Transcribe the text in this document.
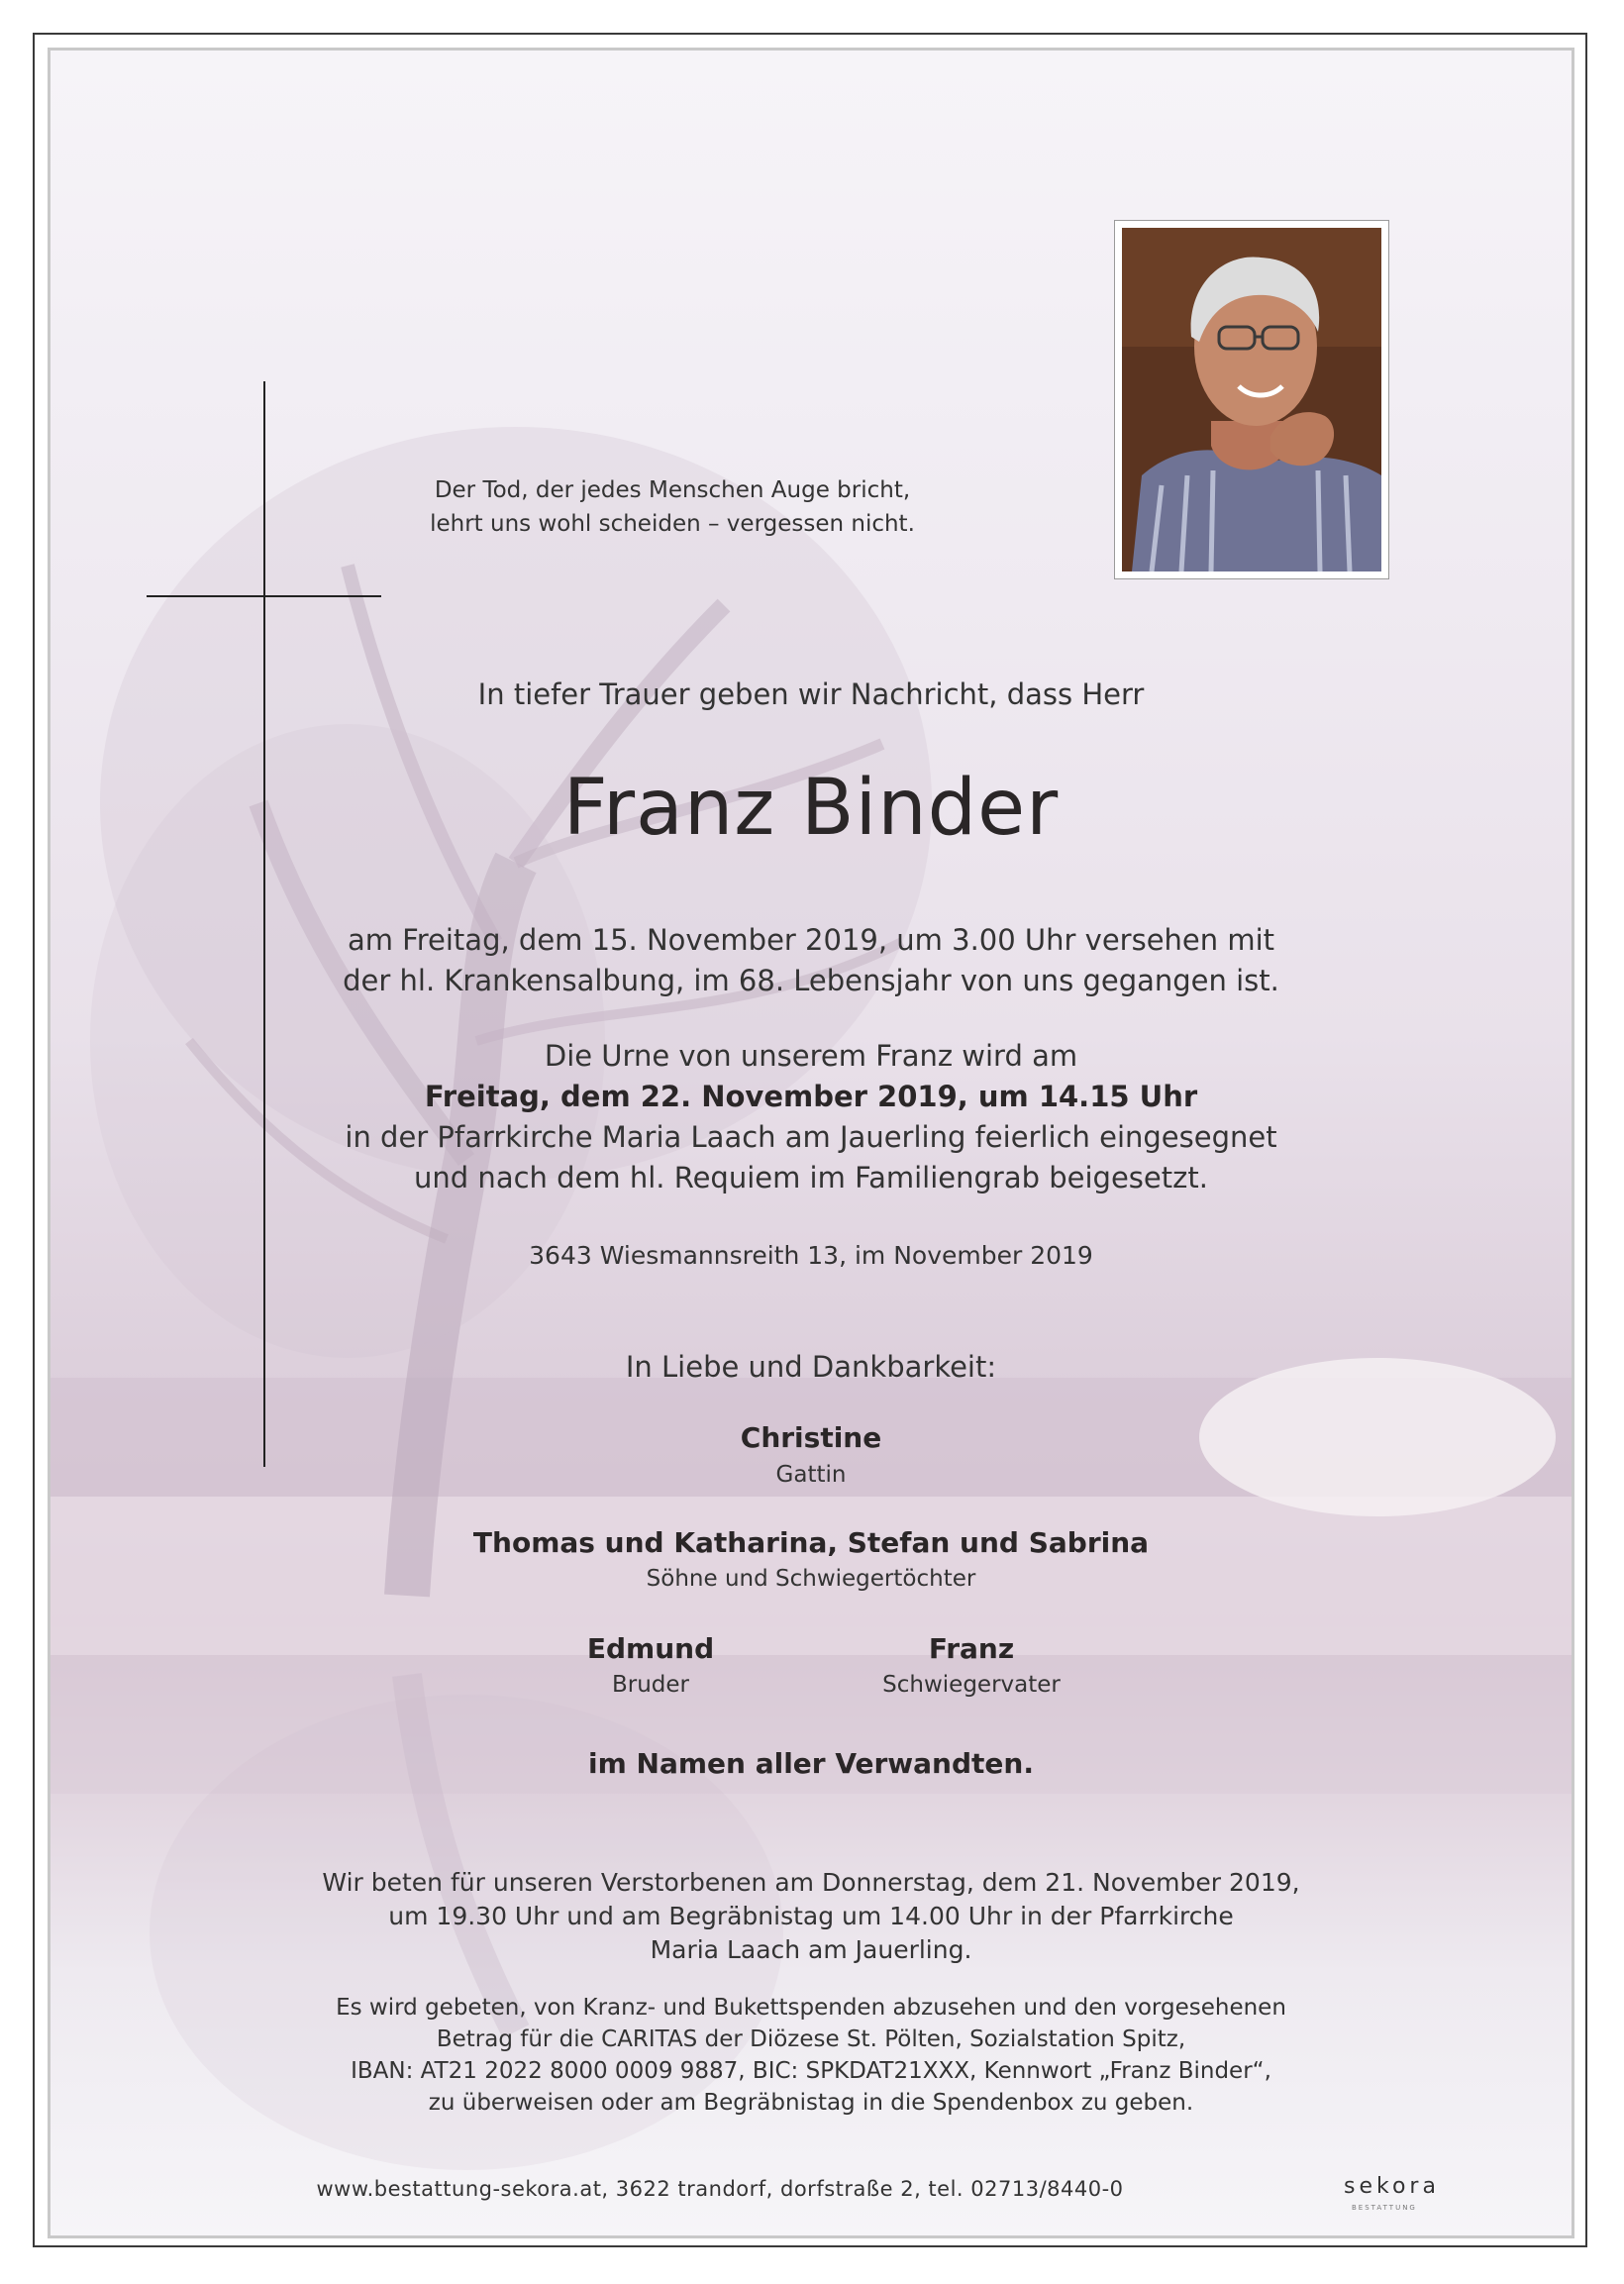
Der Tod, der jedes Menschen Auge bricht,
lehrt uns wohl scheiden – vergessen nicht.
In tiefer Trauer geben wir Nachricht, dass Herr
Franz Binder
am Freitag, dem 15. November 2019, um 3.00 Uhr versehen mit
der hl. Krankensalbung, im 68. Lebensjahr von uns gegangen ist.
Die Urne von unserem Franz wird am
Freitag, dem 22. November 2019, um 14.15 Uhr
in der Pfarrkirche Maria Laach am Jauerling feierlich eingesegnet
und nach dem hl. Requiem im Familiengrab beigesetzt.
3643 Wiesmannsreith 13, im November 2019
In Liebe und Dankbarkeit:
Christine
Gattin
Thomas und Katharina, Stefan und Sabrina
Söhne und Schwiegertöchter
Edmund
Bruder
Franz
Schwiegervater
im Namen aller Verwandten.
Wir beten für unseren Verstorbenen am Donnerstag, dem 21. November 2019,
um 19.30 Uhr und am Begräbnistag um 14.00 Uhr in der Pfarrkirche
Maria Laach am Jauerling.
Es wird gebeten, von Kranz- und Bukettspenden abzusehen und den vorgesehenen
Betrag für die CARITAS der Diözese St. Pölten, Sozialstation Spitz,
IBAN: AT21 2022 8000 0009 9887, BIC: SPKDAT21XXX, Kennwort „Franz Binder“,
zu überweisen oder am Begräbnistag in die Spendenbox zu geben.
www.bestattung-sekora.at, 3622 trandorf, dorfstraße 2, tel. 02713/8440-0	sekora
BESTATTUNG
